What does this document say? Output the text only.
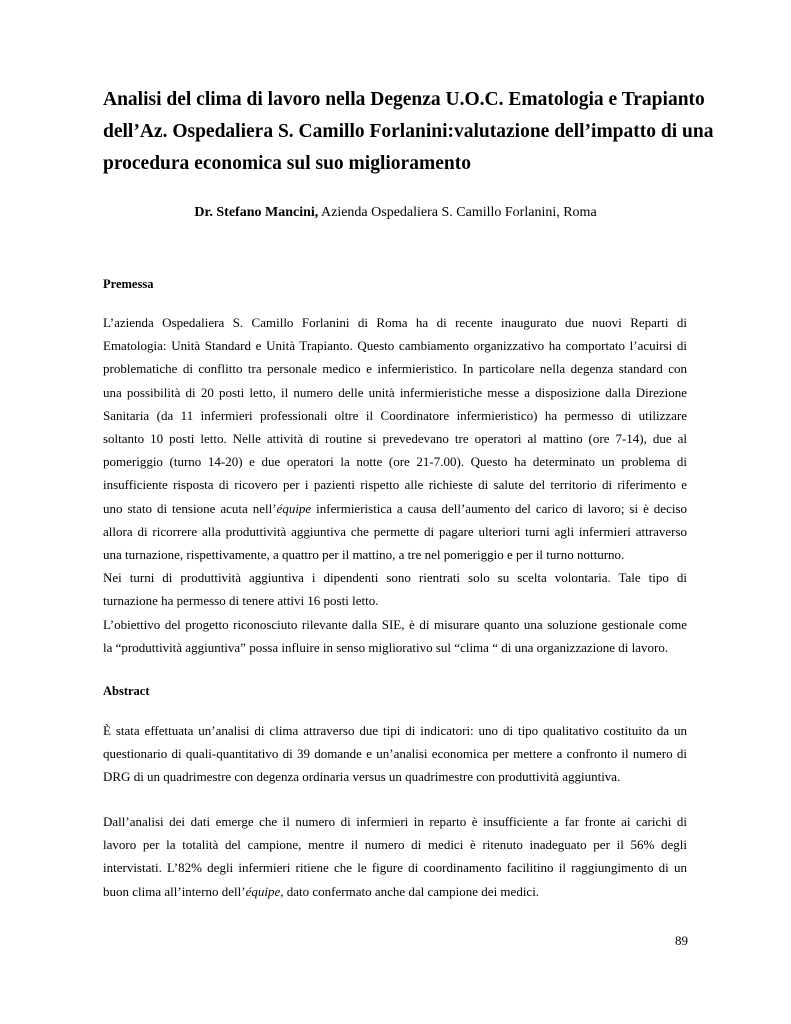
Analisi del clima di lavoro nella Degenza U.O.C. Ematologia e Trapianto
dell’Az. Ospedaliera S. Camillo Forlanini:valutazione dell’impatto di una
procedura economica sul suo miglioramento

Dr. Stefano Mancini, Azienda Ospedaliera S. Camillo Forlanini, Roma

Premessa
L’azienda Ospedaliera S. Camillo Forlanini di Roma ha di recente inaugurato due nuovi Reparti di
Ematologia: Unità Standard e Unità Trapianto. Questo cambiamento organizzativo ha comportato l’acuirsi di
problematiche di conflitto tra personale medico e infermieristico. In particolare nella degenza standard con
una possibilità di 20 posti letto, il numero delle unità infermieristiche messe a disposizione dalla Direzione
Sanitaria (da 11 infermieri professionali oltre il Coordinatore infermieristico) ha permesso di utilizzare
soltanto 10 posti letto. Nelle attività di routine si prevedevano tre operatori al mattino (ore 7-14), due al
pomeriggio (turno 14-20) e due operatori la notte (ore 21-7.00). Questo ha determinato un problema di
insufficiente risposta di ricovero per i pazienti rispetto alle richieste di salute del territorio di riferimento e
uno stato di tensione acuta nell’équipe infermieristica a causa dell’aumento del carico di lavoro; si è deciso
allora di ricorrere alla produttività aggiuntiva che permette di pagare ulteriori turni agli infermieri attraverso
una turnazione, rispettivamente, a quattro per il mattino, a tre nel pomeriggio e per il turno notturno.
Nei turni di produttività aggiuntiva i dipendenti sono rientrati solo su scelta volontaria. Tale tipo di
turnazione ha permesso di tenere attivi 16 posti letto.
L’obiettivo del progetto riconosciuto rilevante dalla SIE, è di misurare quanto una soluzione gestionale come
la “produttività aggiuntiva” possa influire in senso migliorativo sul “clima “ di una organizzazione di lavoro.
Abstract
È stata effettuata un’analisi di clima attraverso due tipi di indicatori: uno di tipo qualitativo costituito da un
questionario di quali-quantitativo di 39 domande e un’analisi economica per mettere a confronto il numero di
DRG di un quadrimestre con degenza ordinaria versus un quadrimestre con produttività aggiuntiva.
Dall’analisi dei dati emerge che il numero di infermieri in reparto è insufficiente a far fronte ai carichi di
lavoro per la totalità del campione, mentre il numero di medici è ritenuto inadeguato per il 56% degli
intervistati. L’82% degli infermieri ritiene che le figure di coordinamento facilitino il raggiungimento di un
buon clima all’interno dell’équipe, dato confermato anche dal campione dei medici.

89
